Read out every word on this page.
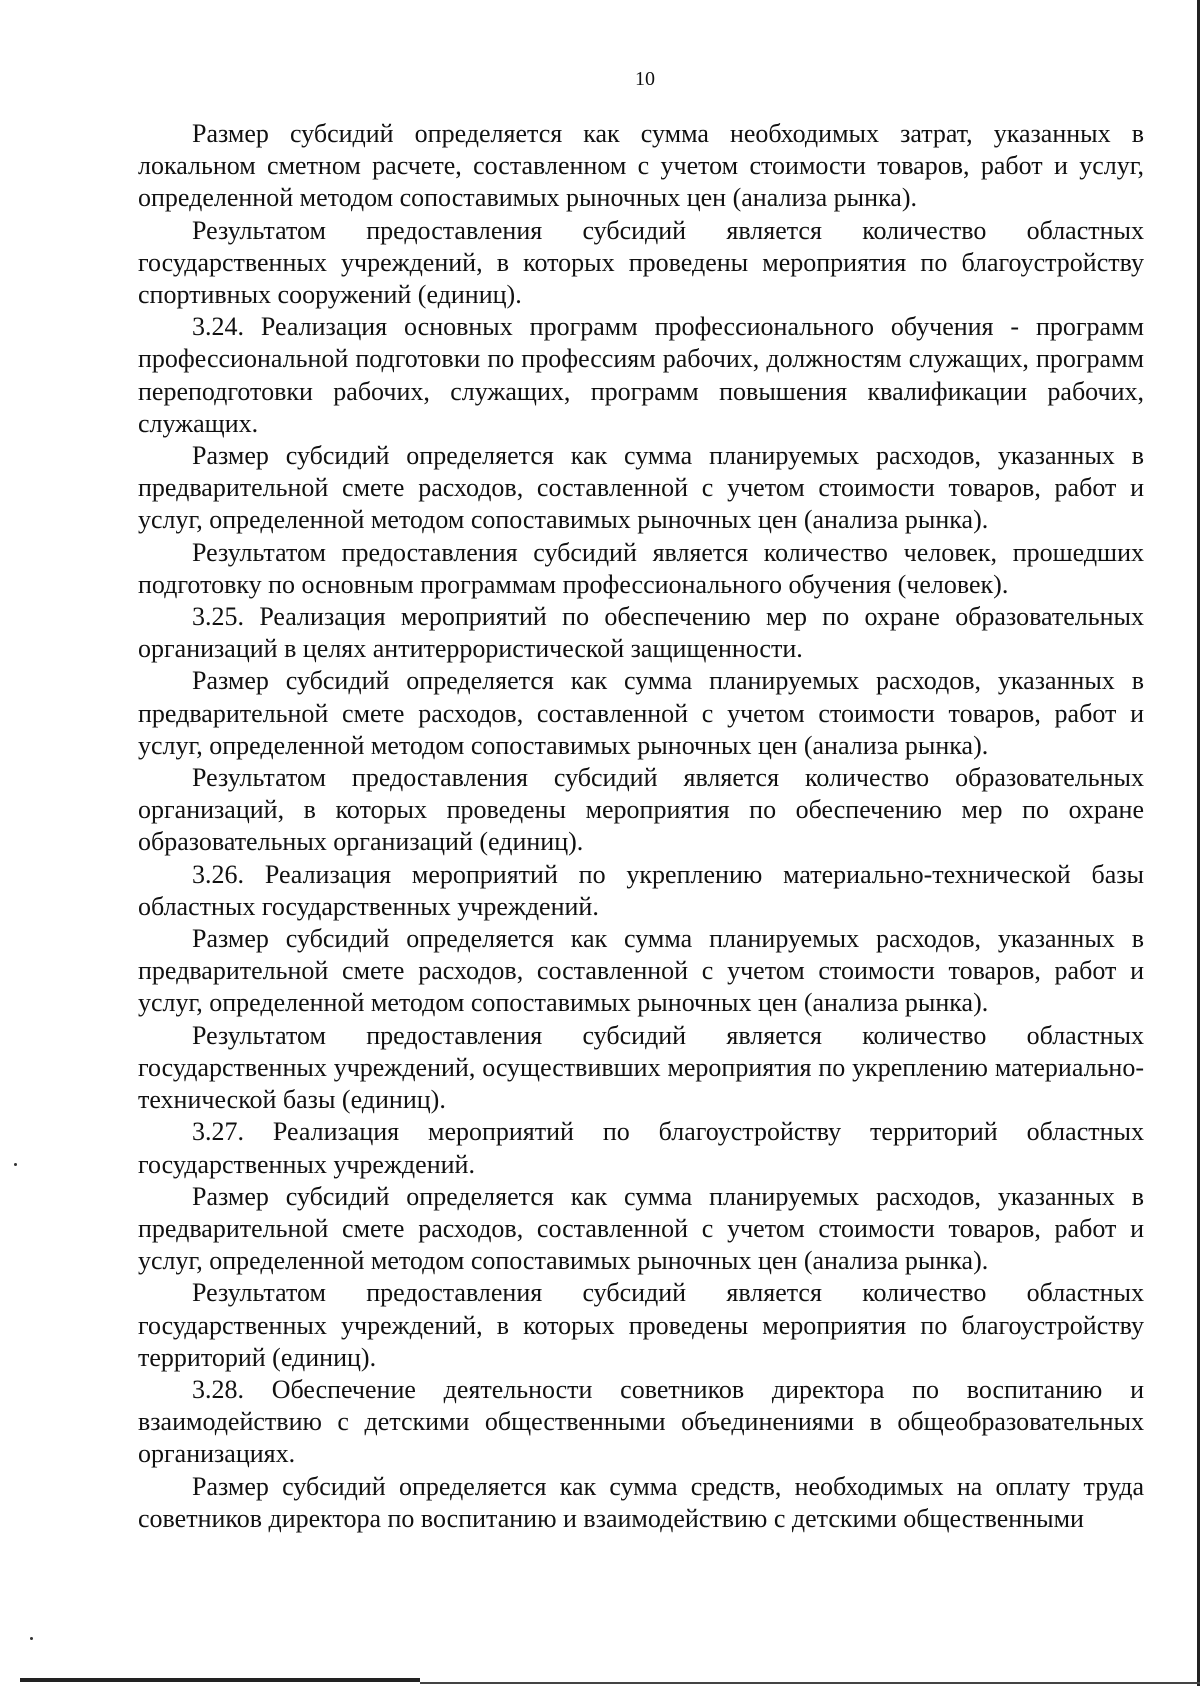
10

Размер субсидий определяется как сумма необходимых затрат, указанных в локальном сметном расчете, составленном с учетом стоимости товаров, работ и услуг, определенной методом сопоставимых рыночных цен (анализа рынка).

Результатом предоставления субсидий является количество областных государственных учреждений, в которых проведены мероприятия по благоустройству спортивных сооружений (единиц).

3.24. Реализация основных программ профессионального обучения - программ профессиональной подготовки по профессиям рабочих, должностям служащих, программ переподготовки рабочих, служащих, программ повышения квалификации рабочих, служащих.

Размер субсидий определяется как сумма планируемых расходов, указанных в предварительной смете расходов, составленной с учетом стоимости товаров, работ и услуг, определенной методом сопоставимых рыночных цен (анализа рынка).

Результатом предоставления субсидий является количество человек, прошедших подготовку по основным программам профессионального обучения (человек).

3.25. Реализация мероприятий по обеспечению мер по охране образовательных организаций в целях антитеррористической защищенности.

Размер субсидий определяется как сумма планируемых расходов, указанных в предварительной смете расходов, составленной с учетом стоимости товаров, работ и услуг, определенной методом сопоставимых рыночных цен (анализа рынка).

Результатом предоставления субсидий является количество образовательных организаций, в которых проведены мероприятия по обеспечению мер по охране образовательных организаций (единиц).

3.26. Реализация мероприятий по укреплению материально-технической базы областных государственных учреждений.

Размер субсидий определяется как сумма планируемых расходов, указанных в предварительной смете расходов, составленной с учетом стоимости товаров, работ и услуг, определенной методом сопоставимых рыночных цен (анализа рынка).

Результатом предоставления субсидий является количество областных государственных учреждений, осуществивших мероприятия по укреплению материально-технической базы (единиц).

3.27. Реализация мероприятий по благоустройству территорий областных государственных учреждений.

Размер субсидий определяется как сумма планируемых расходов, указанных в предварительной смете расходов, составленной с учетом стоимости товаров, работ и услуг, определенной методом сопоставимых рыночных цен (анализа рынка).

Результатом предоставления субсидий является количество областных государственных учреждений, в которых проведены мероприятия по благоустройству территорий (единиц).

3.28. Обеспечение деятельности советников директора по воспитанию и взаимодействию с детскими общественными объединениями в общеобразовательных организациях.

Размер субсидий определяется как сумма средств, необходимых на оплату труда советников директора по воспитанию и взаимодействию с детскими общественными
